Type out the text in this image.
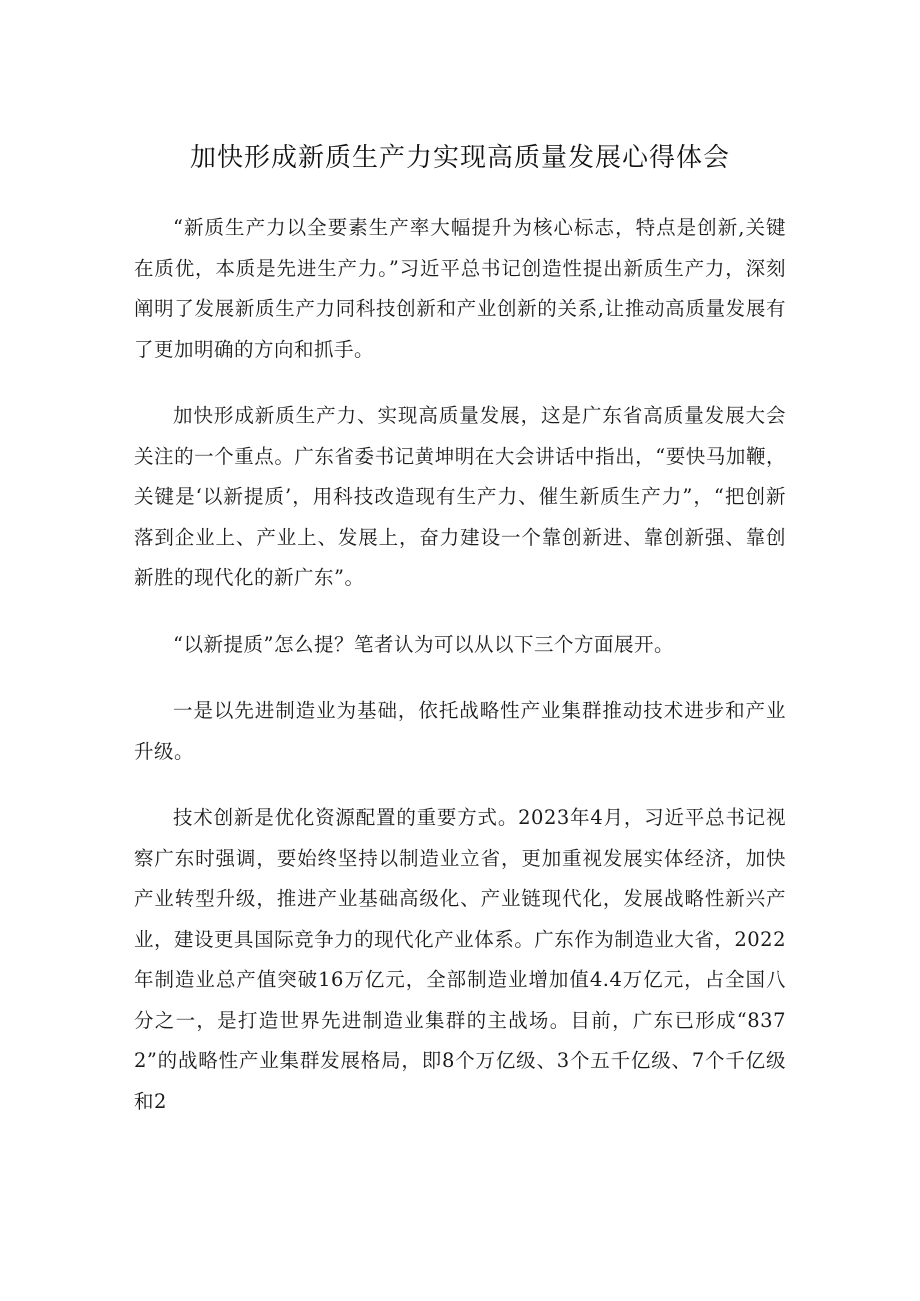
加快形成新质生产力实现高质量发展心得体会

“新质生产力以全要素生产率大幅提升为核心标志，特点是创新,关键在质优，本质是先进生产力。”习近平总书记创造性提出新质生产力，深刻阐明了发展新质生产力同科技创新和产业创新的关系,让推动高质量发展有了更加明确的方向和抓手。

加快形成新质生产力、实现高质量发展，这是广东省高质量发展大会关注的一个重点。广东省委书记黄坤明在大会讲话中指出，“要快马加鞭，关键是‘以新提质’，用科技改造现有生产力、催生新质生产力”，“把创新落到企业上、产业上、发展上，奋力建设一个靠创新进、靠创新强、靠创新胜的现代化的新广东”。

“以新提质”怎么提？笔者认为可以从以下三个方面展开。

一是以先进制造业为基础，依托战略性产业集群推动技术进步和产业升级。

技术创新是优化资源配置的重要方式。2023年4月，习近平总书记视察广东时强调，要始终坚持以制造业立省，更加重视发展实体经济，加快产业转型升级，推进产业基础高级化、产业链现代化，发展战略性新兴产业，建设更具国际竞争力的现代化产业体系。广东作为制造业大省，2022年制造业总产值突破16万亿元，全部制造业增加值4.4万亿元，占全国八分之一，是打造世界先进制造业集群的主战场。目前，广东已形成“8372”的战略性产业集群发展格局，即8个万亿级、3个五千亿级、7个千亿级和2
